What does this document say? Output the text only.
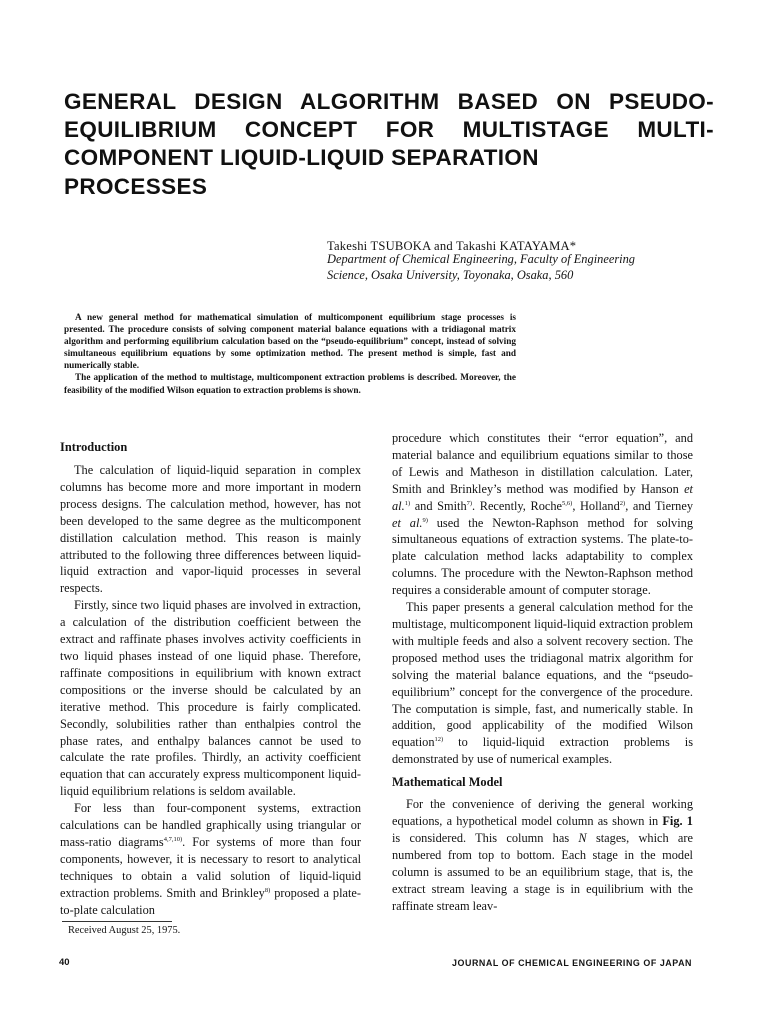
GENERAL DESIGN ALGORITHM BASED ON PSEUDO-
EQUILIBRIUM CONCEPT FOR MULTISTAGE MULTI-
COMPONENT LIQUID-LIQUID SEPARATION
PROCESSES
Takeshi TSUBOKA and Takashi KATAYAMA*
Department of Chemical Engineering, Faculty of Engineering
Science, Osaka University, Toyonaka, Osaka, 560

A new general method for mathematical simulation of multicomponent equilibrium stage processes is presented. The procedure consists of solving component material balance equations with a tridiagonal matrix algorithm and performing equilibrium calculation based on the “pseudo-equilibrium” concept, instead of solving simultaneous equilibrium equations by some optimization method. The present method is simple, fast and numerically stable.

The application of the method to multistage, multicomponent extraction problems is described. Moreover, the feasibility of the modified Wilson equation to extraction problems is shown.

Introduction

The calculation of liquid-liquid separation in complex columns has become more and more important in modern process designs. The calculation method, however, has not been developed to the same degree as the multicomponent distillation calculation method. This reason is mainly attributed to the following three differences between liquid-liquid extraction and vapor-liquid processes in several respects.

Firstly, since two liquid phases are involved in extraction, a calculation of the distribution coefficient between the extract and raffinate phases involves activity coefficients in two liquid phases instead of one liquid phase. Therefore, raffinate compositions in equilibrium with known extract compositions or the inverse should be calculated by an iterative method. This procedure is fairly complicated. Secondly, solubilities rather than enthalpies control the phase rates, and enthalpy balances cannot be used to calculate the rate profiles. Thirdly, an activity coefficient equation that can accurately express multicomponent liquid-liquid equilibrium relations is seldom available.

For less than four-component systems, extraction calculations can be handled graphically using triangular or mass-ratio diagrams$^{4,7,10)}$. For systems of more than four components, however, it is necessary to resort to analytical techniques to obtain a valid solution of liquid-liquid extraction problems. Smith and Brinkley$^{8)}$ proposed a plate-to-plate calculation

procedure which constitutes their “error equation”, and material balance and equilibrium equations similar to those of Lewis and Matheson in distillation calculation. Later, Smith and Brinkley’s method was modified by Hanson et al.$^{1)}$ and Smith$^{7)}$. Recently, Roche$^{5,6)}$, Holland$^{2)}$, and Tierney et al.$^{9)}$ used the Newton-Raphson method for solving simultaneous equations of extraction systems. The plate-to-plate calculation method lacks adaptability to complex columns. The procedure with the Newton-Raphson method requires a considerable amount of computer storage.

This paper presents a general calculation method for the multistage, multicomponent liquid-liquid extraction problem with multiple feeds and also a solvent recovery section. The proposed method uses the tridiagonal matrix algorithm for solving the material balance equations, and the “pseudo-equilibrium” concept for the convergence of the procedure. The computation is simple, fast, and numerically stable. In addition, good applicability of the modified Wilson equation$^{12)}$ to liquid-liquid extraction problems is demonstrated by use of numerical examples.

Mathematical Model

For the convenience of deriving the general working equations, a hypothetical model column as shown in Fig. 1 is considered. This column has N stages, which are numbered from top to bottom. Each stage in the model column is assumed to be an equilibrium stage, that is, the extract stream leaving a stage is in equilibrium with the raffinate stream leav-

Received August 25, 1975.
40	JOURNAL OF CHEMICAL ENGINEERING OF JAPAN
